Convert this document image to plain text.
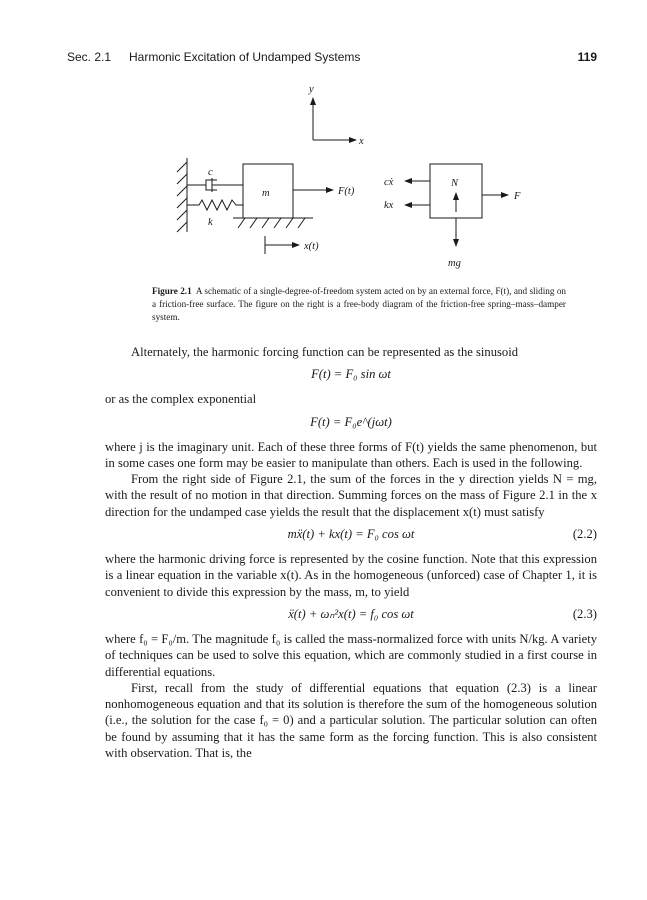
Sec. 2.1 Harmonic Excitation of Undamped Systems	119
y
x
c
k
m	F(t)
x(t)
cẋ
kx
N
F
mg
Figure 2.1 A schematic of a single-degree-of-freedom system acted on by an external force, F(t), and sliding on a friction-free surface. The figure on the right is a free-body diagram of the friction-free spring–mass–damper system.

Alternately, the harmonic forcing function can be represented as the sinusoid

F(t) = F₀ sin ωt

or as the complex exponential

F(t) = F₀e^(jωt)

where j is the imaginary unit. Each of these three forms of F(t) yields the same phenomenon, but in some cases one form may be easier to manipulate than others. Each is used in the following.

From the right side of Figure 2.1, the sum of the forces in the y direction yields N = mg, with the result of no motion in that direction. Summing forces on the mass of Figure 2.1 in the x direction for the undamped case yields the result that the displacement x(t) must satisfy

mẍ(t) + kx(t) = F₀ cos ωt	(2.2)

where the harmonic driving force is represented by the cosine function. Note that this expression is a linear equation in the variable x(t). As in the homogeneous (unforced) case of Chapter 1, it is convenient to divide this expression by the mass, m, to yield

ẍ(t) + ωₙ²x(t) = f₀ cos ωt	(2.3)

where f₀ = F₀/m. The magnitude f₀ is called the mass-normalized force with units N/kg. A variety of techniques can be used to solve this equation, which are commonly studied in a first course in differential equations.

First, recall from the study of differential equations that equation (2.3) is a linear nonhomogeneous equation and that its solution is therefore the sum of the homogeneous solution (i.e., the solution for the case f₀ = 0) and a particular solution. The particular solution can often be found by assuming that it has the same form as the forcing function. This is also consistent with observation. That is, the
